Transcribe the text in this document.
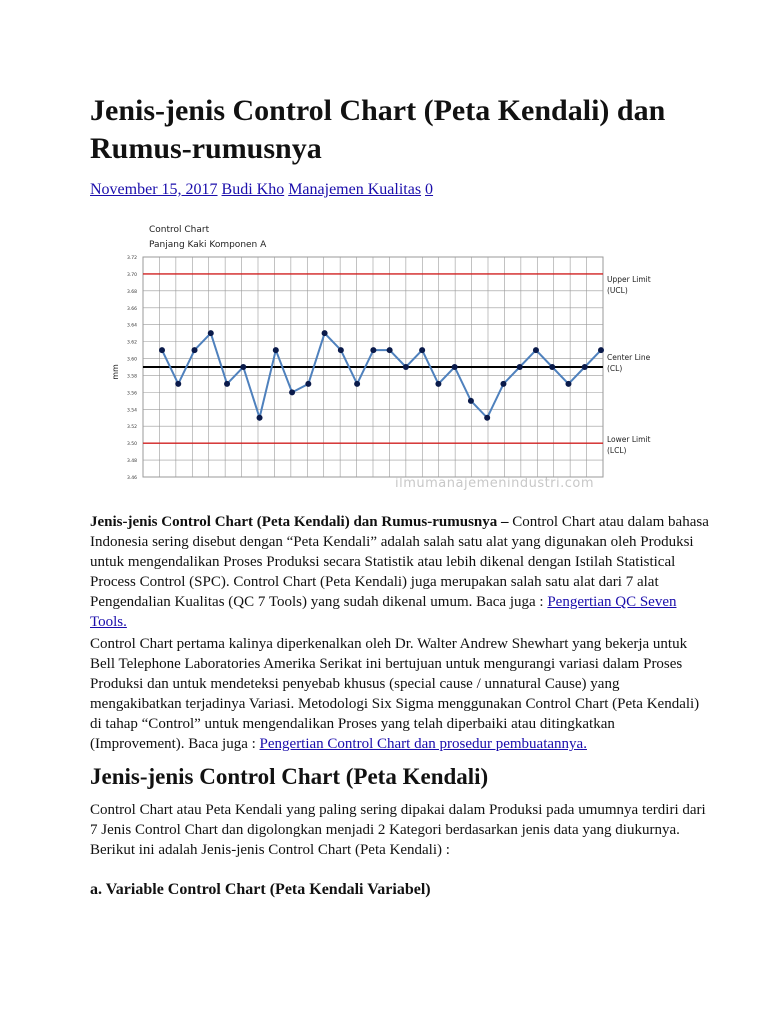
Jenis-jenis Control Chart (Peta Kendali) dan Rumus-rumusnya
November 15, 2017 Budi Kho Manajemen Kualitas 0
Control Chart
Panjang Kaki Komponen A
3.72
3.70
3.68
3.66
3.64
3.62
3.60
3.58
3.56
3.54
3.52
3.50
3.48
3.46
mm
Upper Limit (UCL)
Center Line (CL)
Lower Limit (LCL)
ilmumanajemenindustri.com

Jenis-jenis Control Chart (Peta Kendali) dan Rumus-rumusnya – Control Chart atau dalam bahasa Indonesia sering disebut dengan “Peta Kendali” adalah salah satu alat yang digunakan oleh Produksi untuk mengendalikan Proses Produksi secara Statistik atau lebih dikenal dengan Istilah Statistical Process Control (SPC). Control Chart (Peta Kendali) juga merupakan salah satu alat dari 7 alat Pengendalian Kualitas (QC 7 Tools) yang sudah dikenal umum. Baca juga : Pengertian QC Seven Tools.

Control Chart pertama kalinya diperkenalkan oleh Dr. Walter Andrew Shewhart yang bekerja untuk Bell Telephone Laboratories Amerika Serikat ini bertujuan untuk mengurangi variasi dalam Proses Produksi dan untuk mendeteksi penyebab khusus (special cause / unnatural Cause) yang mengakibatkan terjadinya Variasi. Metodologi Six Sigma menggunakan Control Chart (Peta Kendali) di tahap “Control” untuk mengendalikan Proses yang telah diperbaiki atau ditingkatkan (Improvement). Baca juga : Pengertian Control Chart dan prosedur pembuatannya.

Jenis-jenis Control Chart (Peta Kendali)

Control Chart atau Peta Kendali yang paling sering dipakai dalam Produksi pada umumnya terdiri dari 7 Jenis Control Chart dan digolongkan menjadi 2 Kategori berdasarkan jenis data yang diukurnya. Berikut ini adalah Jenis-jenis Control Chart (Peta Kendali) :

a. Variable Control Chart (Peta Kendali Variabel)
